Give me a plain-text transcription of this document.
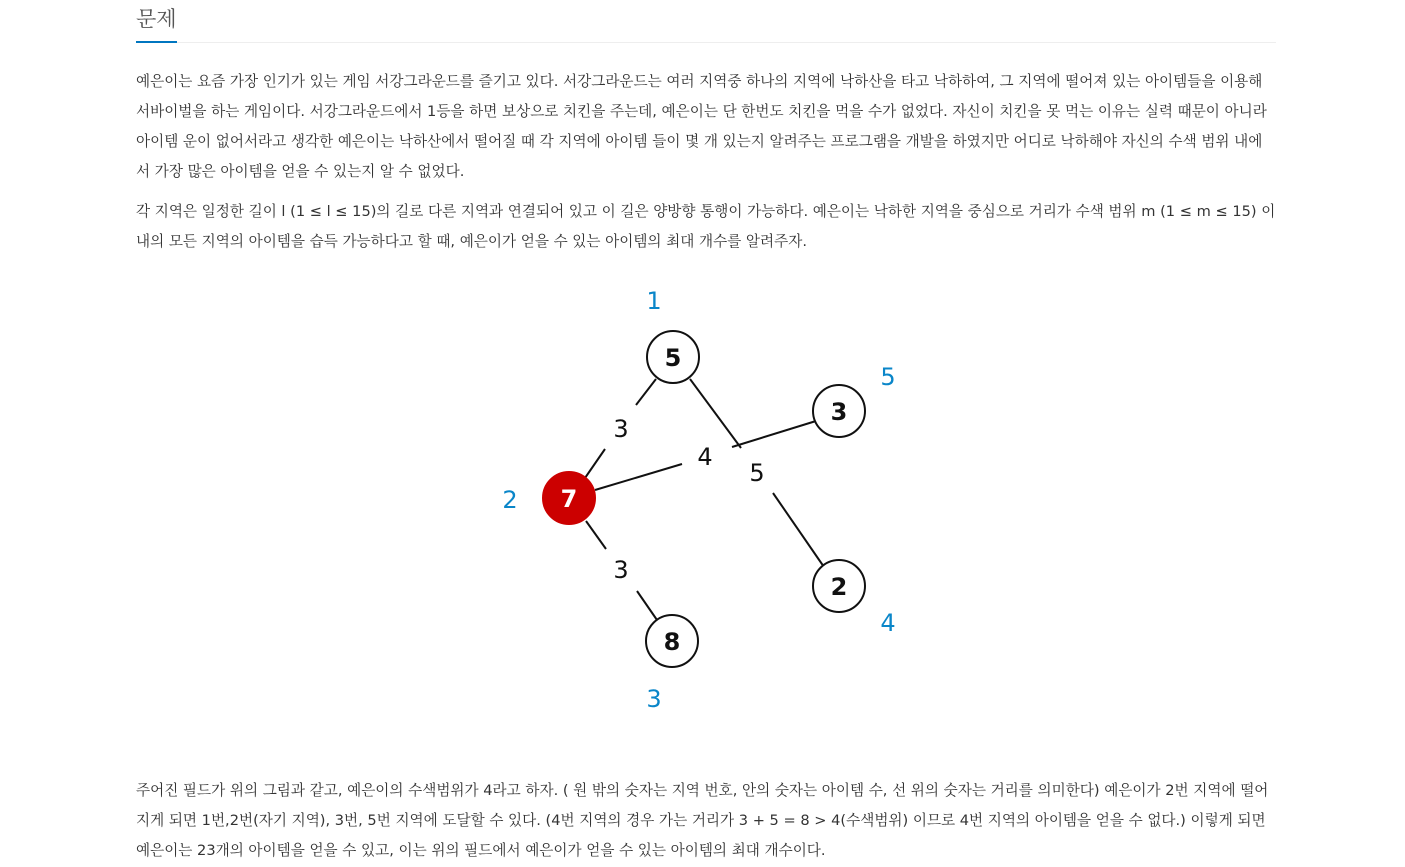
문제

예은이는 요즘 가장 인기가 있는 게임 서강그라운드를 즐기고 있다. 서강그라운드는 여러 지역중 하나의 지역에 낙하산을 타고 낙하하여, 그 지역에 떨어져 있는 아이템들을 이용해 서바이벌을 하는 게임이다. 서강그라운드에서 1등을 하면 보상으로 치킨을 주는데, 예은이는 단 한번도 치킨을 먹을 수가 없었다. 자신이 치킨을 못 먹는 이유는 실력 때문이 아니라 아이템 운이 없어서라고 생각한 예은이는 낙하산에서 떨어질 때 각 지역에 아이템 들이 몇 개 있는지 알려주는 프로그램을 개발을 하였지만 어디로 낙하해야 자신의 수색 범위 내에서 가장 많은 아이템을 얻을 수 있는지 알 수 없었다.

각 지역은 일정한 길이 l (1 ≤ l ≤ 15)의 길로 다른 지역과 연결되어 있고 이 길은 양방향 통행이 가능하다. 예은이는 낙하한 지역을 중심으로 거리가 수색 범위 m (1 ≤ m ≤ 15) 이내의 모든 지역의 아이템을 습득 가능하다고 할 때, 예은이가 얻을 수 있는 아이템의 최대 개수를 알려주자.

3
4
5
3
5
7
8
2
3
1
2
3
4
5

주어진 필드가 위의 그림과 같고, 예은이의 수색범위가 4라고 하자. ( 원 밖의 숫자는 지역 번호, 안의 숫자는 아이템 수, 선 위의 숫자는 거리를 의미한다) 예은이가 2번 지역에 떨어지게 되면 1번,2번(자기 지역), 3번, 5번 지역에 도달할 수 있다. (4번 지역의 경우 가는 거리가 3 + 5 = 8 > 4(수색범위) 이므로 4번 지역의 아이템을 얻을 수 없다.) 이렇게 되면 예은이는 23개의 아이템을 얻을 수 있고, 이는 위의 필드에서 예은이가 얻을 수 있는 아이템의 최대 개수이다.
